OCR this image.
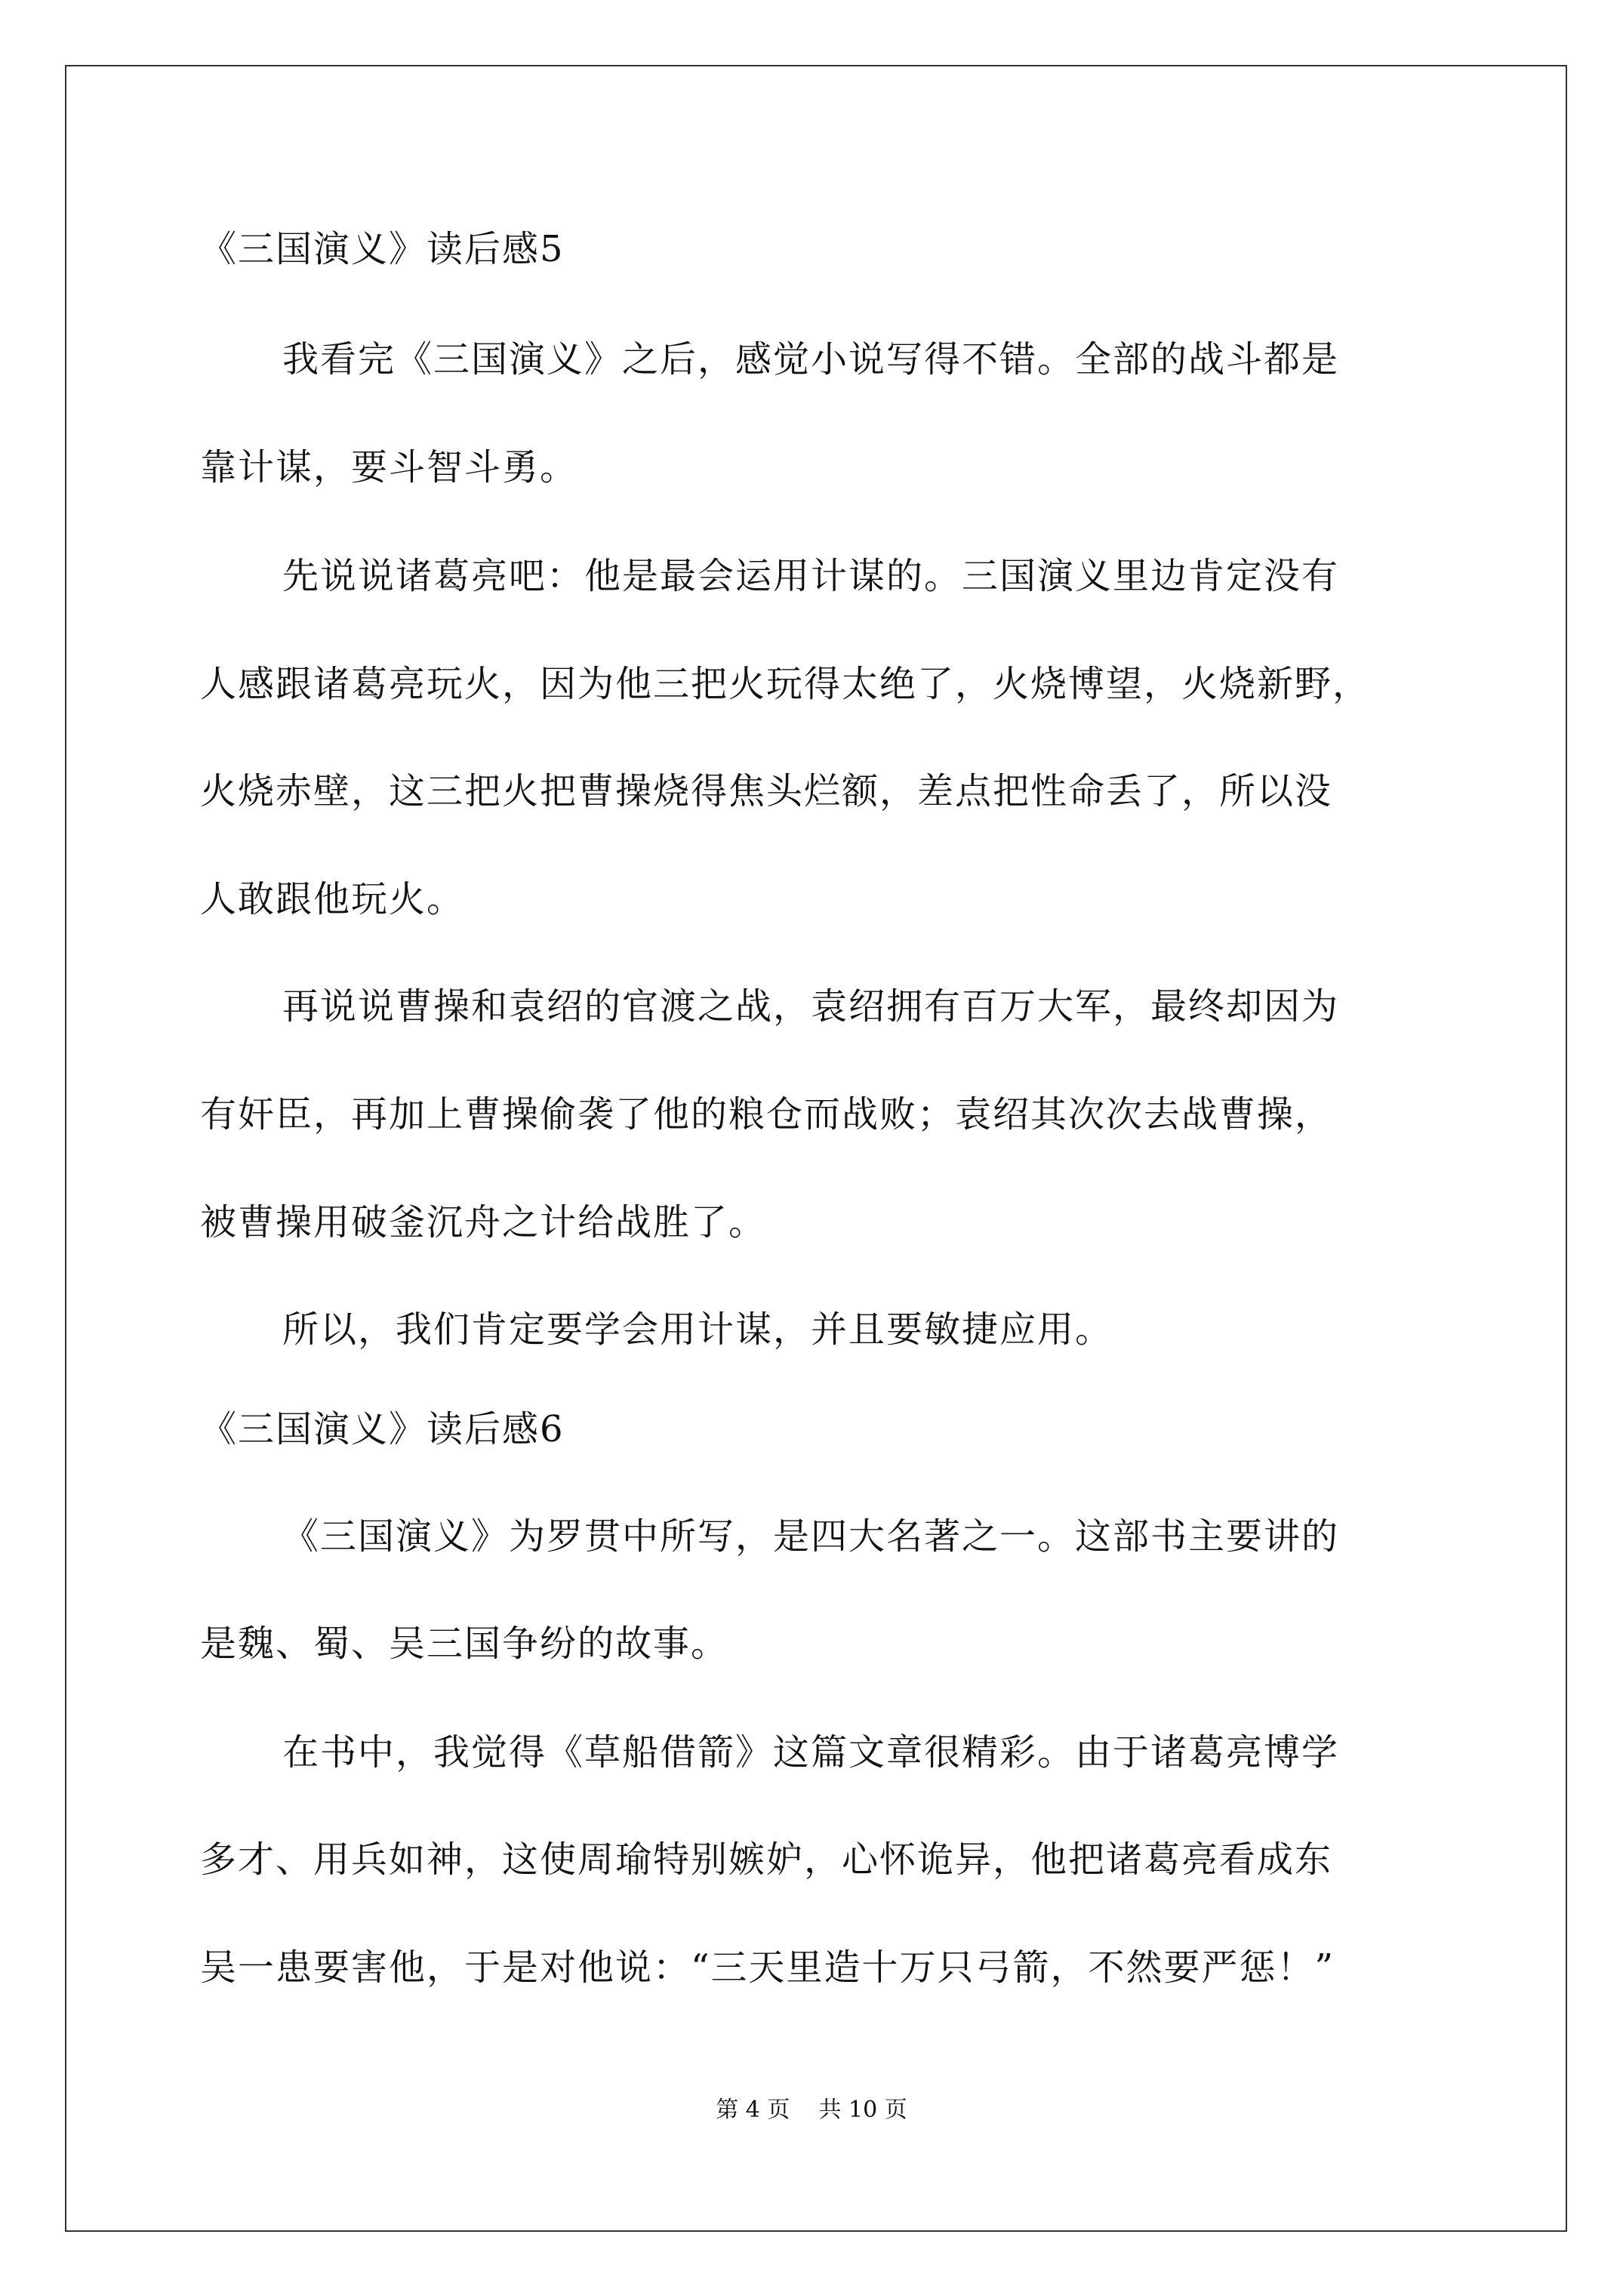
《三国演义》读后感5
我看完《三国演义》之后，感觉小说写得不错。全部的战斗都是
靠计谋，要斗智斗勇。
先说说诸葛亮吧：他是最会运用计谋的。三国演义里边肯定没有
人感跟诸葛亮玩火，因为他三把火玩得太绝了，火烧博望，火烧新野，
火烧赤壁，这三把火把曹操烧得焦头烂额，差点把性命丢了，所以没
人敢跟他玩火。
再说说曹操和袁绍的官渡之战，袁绍拥有百万大军，最终却因为
有奸臣，再加上曹操偷袭了他的粮仓而战败；袁绍其次次去战曹操，
被曹操用破釜沉舟之计给战胜了。
所以，我们肯定要学会用计谋，并且要敏捷应用。
《三国演义》读后感6
《三国演义》为罗贯中所写，是四大名著之一。这部书主要讲的
是魏、蜀、吴三国争纷的故事。
在书中，我觉得《草船借箭》这篇文章很精彩。由于诸葛亮博学
多才、用兵如神，这使周瑜特别嫉妒，心怀诡异，他把诸葛亮看成东
吴一患要害他，于是对他说：“三天里造十万只弓箭，不然要严惩！”
第 4 页    共 10 页
